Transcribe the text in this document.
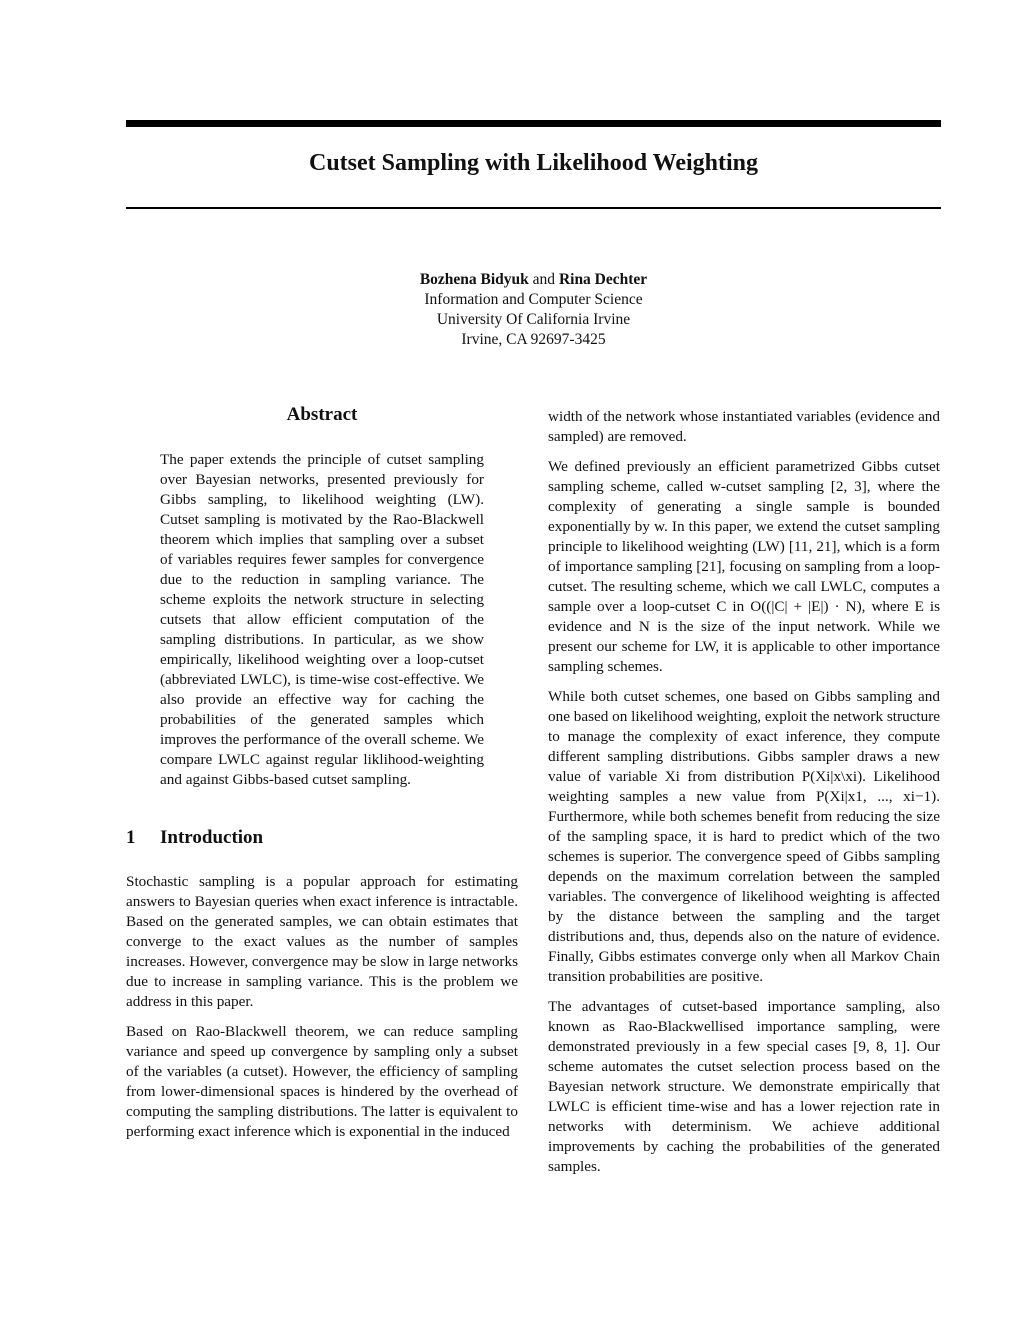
Cutset Sampling with Likelihood Weighting
Bozhena Bidyuk and Rina Dechter
Information and Computer Science
University Of California Irvine
Irvine, CA 92697-3425
Abstract

The paper extends the principle of cutset sampling over Bayesian networks, presented previously for Gibbs sampling, to likelihood weighting (LW). Cutset sampling is motivated by the Rao-Blackwell theorem which implies that sampling over a subset of variables requires fewer samples for convergence due to the reduction in sampling variance. The scheme exploits the network structure in selecting cutsets that allow efficient computation of the sampling distributions. In particular, as we show empirically, likelihood weighting over a loop-cutset (abbreviated LWLC), is time-wise cost-effective. We also provide an effective way for caching the probabilities of the generated samples which improves the performance of the overall scheme. We compare LWLC against regular liklihood-weighting and against Gibbs-based cutset sampling.

1 Introduction

Stochastic sampling is a popular approach for estimating answers to Bayesian queries when exact inference is intractable. Based on the generated samples, we can obtain estimates that converge to the exact values as the number of samples increases. However, convergence may be slow in large networks due to increase in sampling variance. This is the problem we address in this paper.

Based on Rao-Blackwell theorem, we can reduce sampling variance and speed up convergence by sampling only a subset of the variables (a cutset). However, the efficiency of sampling from lower-dimensional spaces is hindered by the overhead of computing the sampling distributions. The latter is equivalent to performing exact inference which is exponential in the induced

width of the network whose instantiated variables (evidence and sampled) are removed.

We defined previously an efficient parametrized Gibbs cutset sampling scheme, called w-cutset sampling [2, 3], where the complexity of generating a single sample is bounded exponentially by w. In this paper, we extend the cutset sampling principle to likelihood weighting (LW) [11, 21], which is a form of importance sampling [21], focusing on sampling from a loop-cutset. The resulting scheme, which we call LWLC, computes a sample over a loop-cutset C in O((|C| + |E|) · N), where E is evidence and N is the size of the input network. While we present our scheme for LW, it is applicable to other importance sampling schemes.

While both cutset schemes, one based on Gibbs sampling and one based on likelihood weighting, exploit the network structure to manage the complexity of exact inference, they compute different sampling distributions. Gibbs sampler draws a new value of variable Xi from distribution P(Xi|x\xi). Likelihood weighting samples a new value from P(Xi|x1, ..., xi−1). Furthermore, while both schemes benefit from reducing the size of the sampling space, it is hard to predict which of the two schemes is superior. The convergence speed of Gibbs sampling depends on the maximum correlation between the sampled variables. The convergence of likelihood weighting is affected by the distance between the sampling and the target distributions and, thus, depends also on the nature of evidence. Finally, Gibbs estimates converge only when all Markov Chain transition probabilities are positive.

The advantages of cutset-based importance sampling, also known as Rao-Blackwellised importance sampling, were demonstrated previously in a few special cases [9, 8, 1]. Our scheme automates the cutset selection process based on the Bayesian network structure. We demonstrate empirically that LWLC is efficient time-wise and has a lower rejection rate in networks with determinism. We achieve additional improvements by caching the probabilities of the generated samples.
